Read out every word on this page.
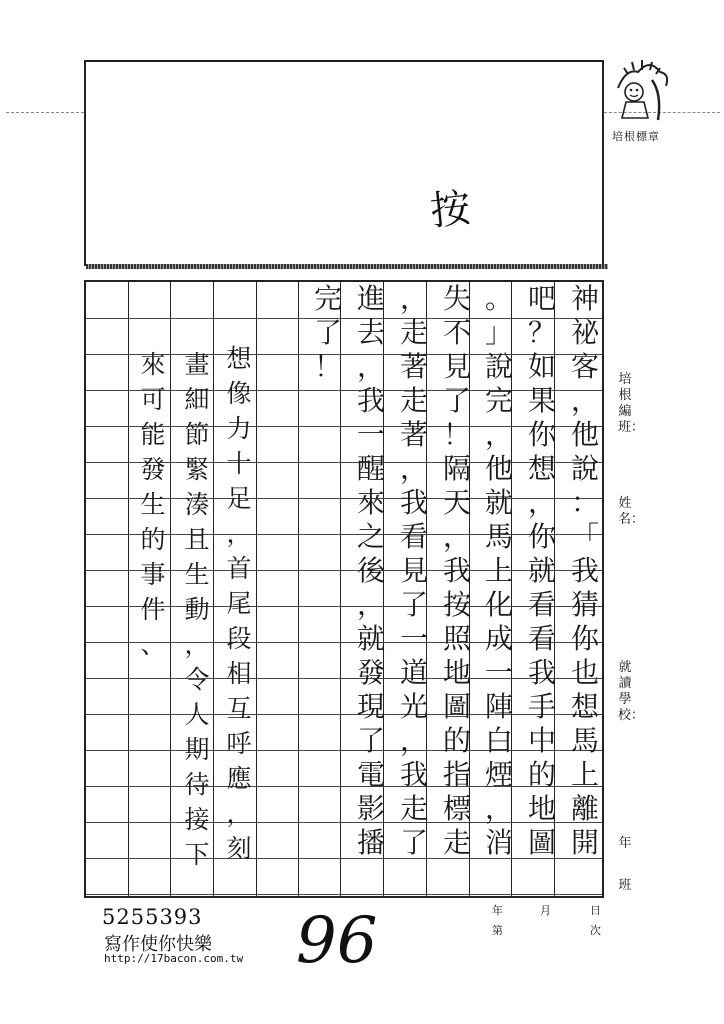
按
培根標章
神
祕
客
，
他
說
：
「
我
猜
你
也
想
馬
上
離
開
吧
？
如
果
你
想
，
你
就
看
看
我
手
中
的
地
圖
。
」
說
完
，
他
就
馬
上
化
成
一
陣
白
煙
，
消
失
不
見
了
！
隔
天
，
我
按
照
地
圖
的
指
標
走
，
走
著
走
著
，
我
看
見
了
一
道
光
，
我
走
了
進
去
，
我
一
醒
來
之
後
，
就
發
現
了
電
影
播
完
了
！
想
像
力
十
足
，
首
尾
段
相
互
呼
應
，
刻
畫
細
節
緊
湊
且
生
動
，
令
人
期
待
接
下
來
可
能
發
生
的
事
件
、
培根編班：
姓名：
就讀學校：
年
班
年	月	日
第	次
5255393
寫作使你快樂
http://17bacon.com.tw 96
